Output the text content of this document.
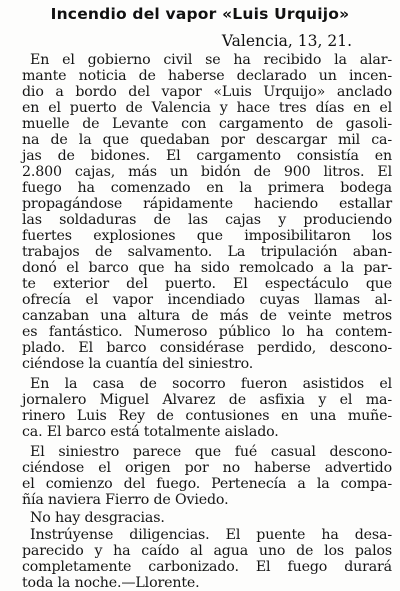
Incendio del vapor «Luis Urquijo»
Valencia, 13, 21.
En el gobierno civil se ha recibido la alar-
mante noticia de haberse declarado un incen-
dio a bordo del vapor «Luis Urquijo» anclado
en el puerto de Valencia y hace tres días en el
muelle de Levante con cargamento de gasoli-
na de la que quedaban por descargar mil ca-
jas de bidones. El cargamento consistía en
2.800 cajas, más un bidón de 900 litros. El
fuego ha comenzado en la primera bodega
propagándose rápidamente haciendo estallar
las soldaduras de las cajas y produciendo
fuertes explosiones que imposibilitaron los
trabajos de salvamento. La tripulación aban-
donó el barco que ha sido remolcado a la par-
te exterior del puerto. El espectáculo que
ofrecía el vapor incendiado cuyas llamas al-
canzaban una altura de más de veinte metros
es fantástico. Numeroso público lo ha contem-
plado. El barco considérase perdido, descono-
ciéndose la cuantía del siniestro.
En la casa de socorro fueron asistidos el
jornalero Miguel Alvarez de asfixia y el ma-
rinero Luis Rey de contusiones en una muñe-
ca. El barco está totalmente aislado.
El siniestro parece que fué casual descono-
ciéndose el origen por no haberse advertido
el comienzo del fuego. Pertenecía a la compa-
ñía naviera Fierro de Oviedo.
No hay desgracias.
Instrúyense diligencias. El puente ha desa-
parecido y ha caído al agua uno de los palos
completamente carbonizado. El fuego durará
toda la noche.—Llorente.
